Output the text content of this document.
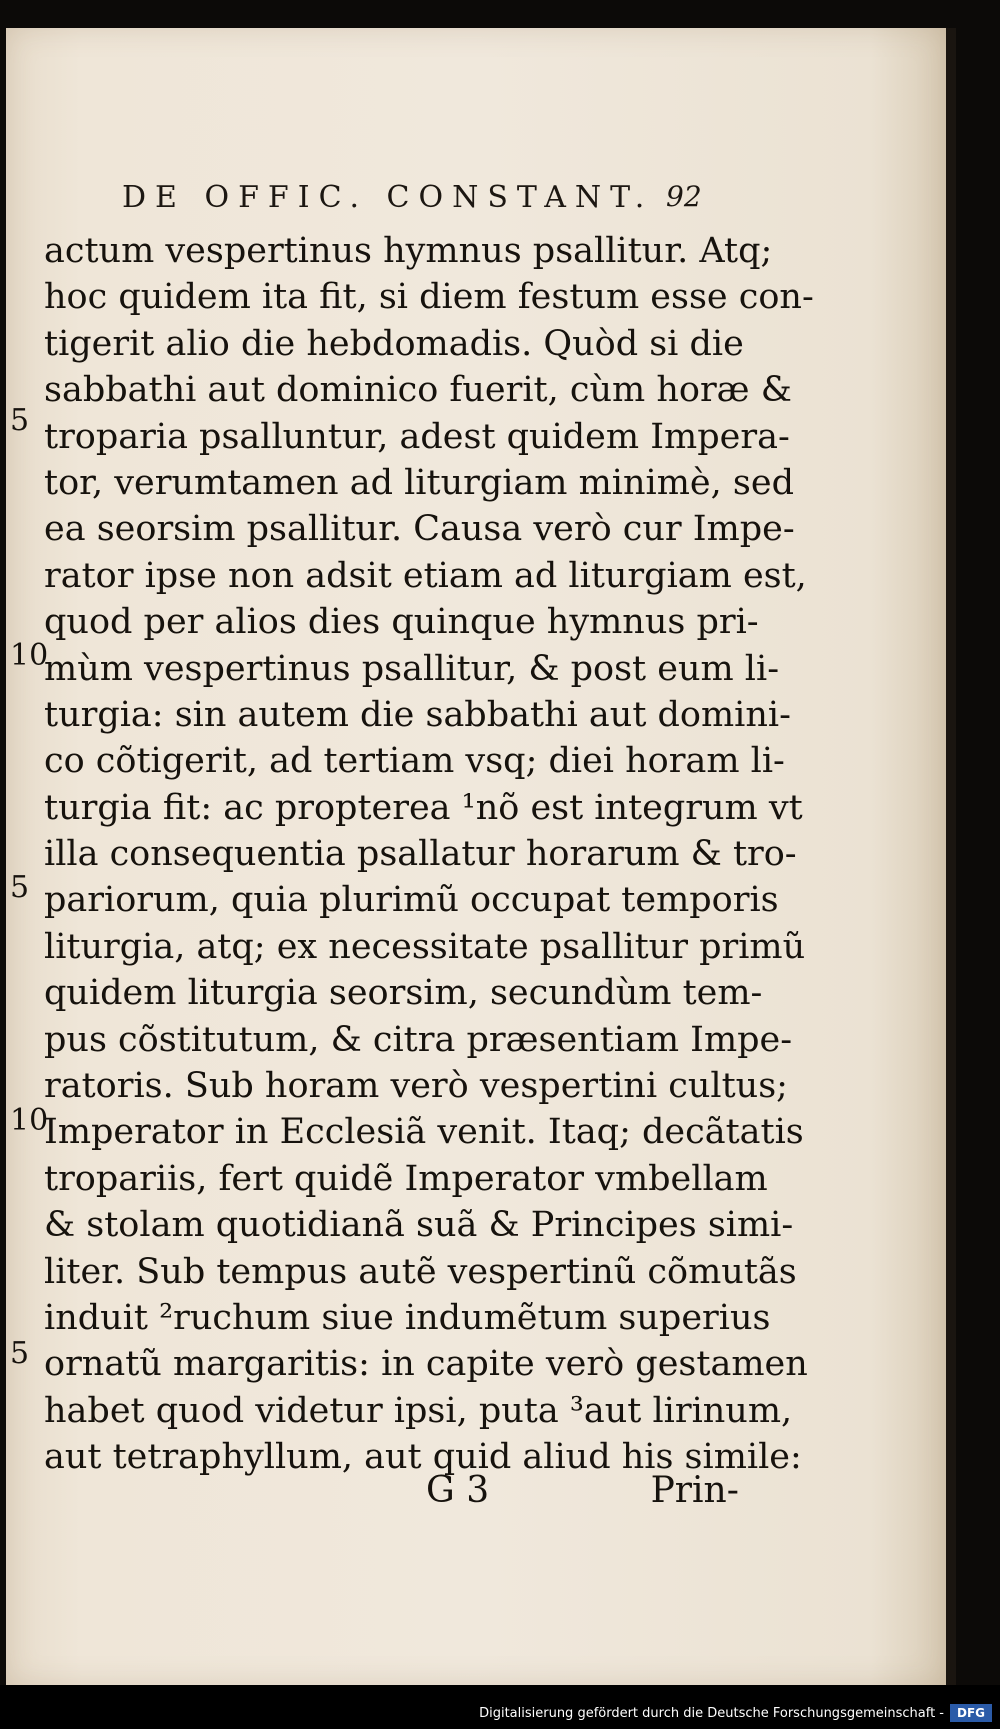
DE OFFIC. CONSTANT. 92
actum vespertinus hymnus psallitur. Atq;
hoc quidem ita fit, si diem festum esse con-
tigerit alio die hebdomadis. Quòd si die
sabbathi aut dominico fuerit, cùm horæ &
troparia psalluntur, adest quidem Impera-
tor, verumtamen ad liturgiam minimè, sed
ea seorsim psallitur. Causa verò cur Impe-
rator ipse non adsit etiam ad liturgiam est,
quod per alios dies quinque hymnus pri-
mùm vespertinus psallitur, & post eum li-
turgia: sin autem die sabbathi aut domini-
co cõtigerit, ad tertiam vsq; diei horam li-
turgia fit: ac propterea ¹nõ est integrum vt
illa consequentia psallatur horarum & tro-
pariorum, quia plurimũ occupat temporis
liturgia, atq; ex necessitate psallitur primũ
quidem liturgia seorsim, secundùm tem-
pus cõstitutum, & citra præsentiam Impe-
ratoris. Sub horam verò vespertini cultus;
Imperator in Ecclesiã venit. Itaq; decãtatis
tropariis, fert quidẽ Imperator vmbellam
& stolam quotidianã suã & Principes simi-
liter. Sub tempus autẽ vespertinũ cõmutãs
induit ²ruchum siue indumẽtum superius
ornatũ margaritis: in capite verò gestamen
habet quod videtur ipsi, puta ³aut lirinum,
aut tetraphyllum, aut quid aliud his simile:
5
10
5
10
5
G 3	Prin-
Digitalisierung gefördert durch die Deutsche Forschungsgemeinschaft -	DFG
